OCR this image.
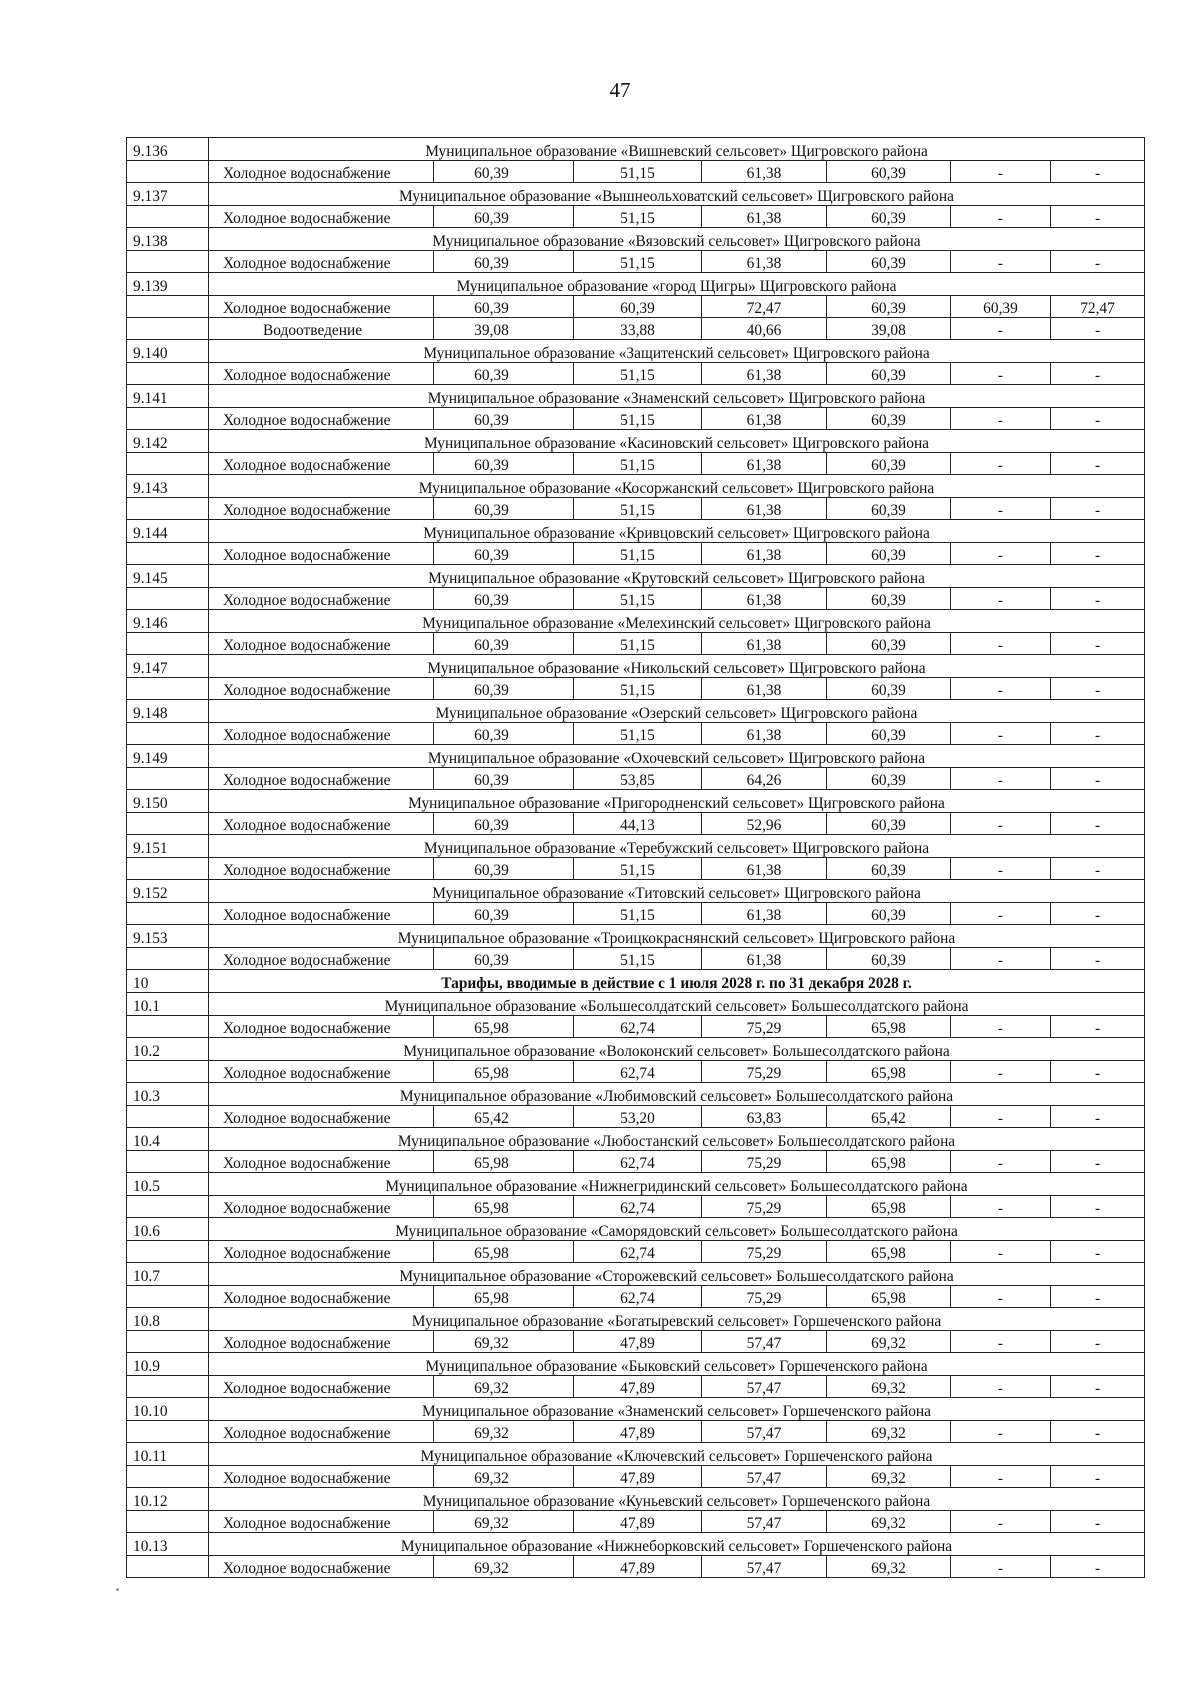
47
9.136	Муниципальное образование «Вишневский сельсовет» Щигровского района						
	Холодное водоснабжение	60,39	51,15	61,38	60,39	-	-
9.137	Муниципальное образование «Вышнеольховатский сельсовет» Щигровского района						
	Холодное водоснабжение	60,39	51,15	61,38	60,39	-	-
9.138	Муниципальное образование «Вязовский сельсовет» Щигровского района						
	Холодное водоснабжение	60,39	51,15	61,38	60,39	-	-
9.139	Муниципальное образование «город Щигры» Щигровского района						
	Холодное водоснабжение	60,39	60,39	72,47	60,39	60,39	72,47
	Водоотведение	39,08	33,88	40,66	39,08	-	-
9.140	Муниципальное образование «Защитенский сельсовет» Щигровского района						
	Холодное водоснабжение	60,39	51,15	61,38	60,39	-	-
9.141	Муниципальное образование «Знаменский сельсовет» Щигровского района						
	Холодное водоснабжение	60,39	51,15	61,38	60,39	-	-
9.142	Муниципальное образование «Касиновский сельсовет» Щигровского района						
	Холодное водоснабжение	60,39	51,15	61,38	60,39	-	-
9.143	Муниципальное образование «Косоржанский сельсовет» Щигровского района						
	Холодное водоснабжение	60,39	51,15	61,38	60,39	-	-
9.144	Муниципальное образование «Кривцовский сельсовет» Щигровского района						
	Холодное водоснабжение	60,39	51,15	61,38	60,39	-	-
9.145	Муниципальное образование «Крутовский сельсовет» Щигровского района						
	Холодное водоснабжение	60,39	51,15	61,38	60,39	-	-
9.146	Муниципальное образование «Мелехинский сельсовет» Щигровского района						
	Холодное водоснабжение	60,39	51,15	61,38	60,39	-	-
9.147	Муниципальное образование «Никольский сельсовет» Щигровского района						
	Холодное водоснабжение	60,39	51,15	61,38	60,39	-	-
9.148	Муниципальное образование «Озерский сельсовет» Щигровского района						
	Холодное водоснабжение	60,39	51,15	61,38	60,39	-	-
9.149	Муниципальное образование «Охочевский сельсовет» Щигровского района						
	Холодное водоснабжение	60,39	53,85	64,26	60,39	-	-
9.150	Муниципальное образование «Пригородненский сельсовет» Щигровского района						
	Холодное водоснабжение	60,39	44,13	52,96	60,39	-	-
9.151	Муниципальное образование «Теребужский сельсовет» Щигровского района						
	Холодное водоснабжение	60,39	51,15	61,38	60,39	-	-
9.152	Муниципальное образование «Титовский сельсовет» Щигровского района						
	Холодное водоснабжение	60,39	51,15	61,38	60,39	-	-
9.153	Муниципальное образование «Троицкокраснянский сельсовет» Щигровского района						
	Холодное водоснабжение	60,39	51,15	61,38	60,39	-	-
10	Тарифы, вводимые в действие с 1 июля 2028 г. по 31 декабря 2028 г.						
10.1	Муниципальное образование «Большесолдатский сельсовет» Большесолдатского района						
	Холодное водоснабжение	65,98	62,74	75,29	65,98	-	-
10.2	Муниципальное образование «Волоконский сельсовет» Большесолдатского района						
	Холодное водоснабжение	65,98	62,74	75,29	65,98	-	-
10.3	Муниципальное образование «Любимовский сельсовет» Большесолдатского района						
	Холодное водоснабжение	65,42	53,20	63,83	65,42	-	-
10.4	Муниципальное образование «Любостанский сельсовет» Большесолдатского района						
	Холодное водоснабжение	65,98	62,74	75,29	65,98	-	-
10.5	Муниципальное образование «Нижнегридинский сельсовет» Большесолдатского района						
	Холодное водоснабжение	65,98	62,74	75,29	65,98	-	-
10.6	Муниципальное образование «Саморядовский сельсовет» Большесолдатского района						
	Холодное водоснабжение	65,98	62,74	75,29	65,98	-	-
10.7	Муниципальное образование «Сторожевский сельсовет» Большесолдатского района						
	Холодное водоснабжение	65,98	62,74	75,29	65,98	-	-
10.8	Муниципальное образование «Богатыревский сельсовет» Горшеченского района						
	Холодное водоснабжение	69,32	47,89	57,47	69,32	-	-
10.9	Муниципальное образование «Быковский сельсовет» Горшеченского района						
	Холодное водоснабжение	69,32	47,89	57,47	69,32	-	-
10.10	Муниципальное образование «Знаменский сельсовет» Горшеченского района						
	Холодное водоснабжение	69,32	47,89	57,47	69,32	-	-
10.11	Муниципальное образование «Ключевский сельсовет» Горшеченского района						
	Холодное водоснабжение	69,32	47,89	57,47	69,32	-	-
10.12	Муниципальное образование «Куньевский сельсовет» Горшеченского района						
	Холодное водоснабжение	69,32	47,89	57,47	69,32	-	-
10.13	Муниципальное образование «Нижнеборковский сельсовет» Горшеченского района						
	Холодное водоснабжение	69,32	47,89	57,47	69,32	-	-
